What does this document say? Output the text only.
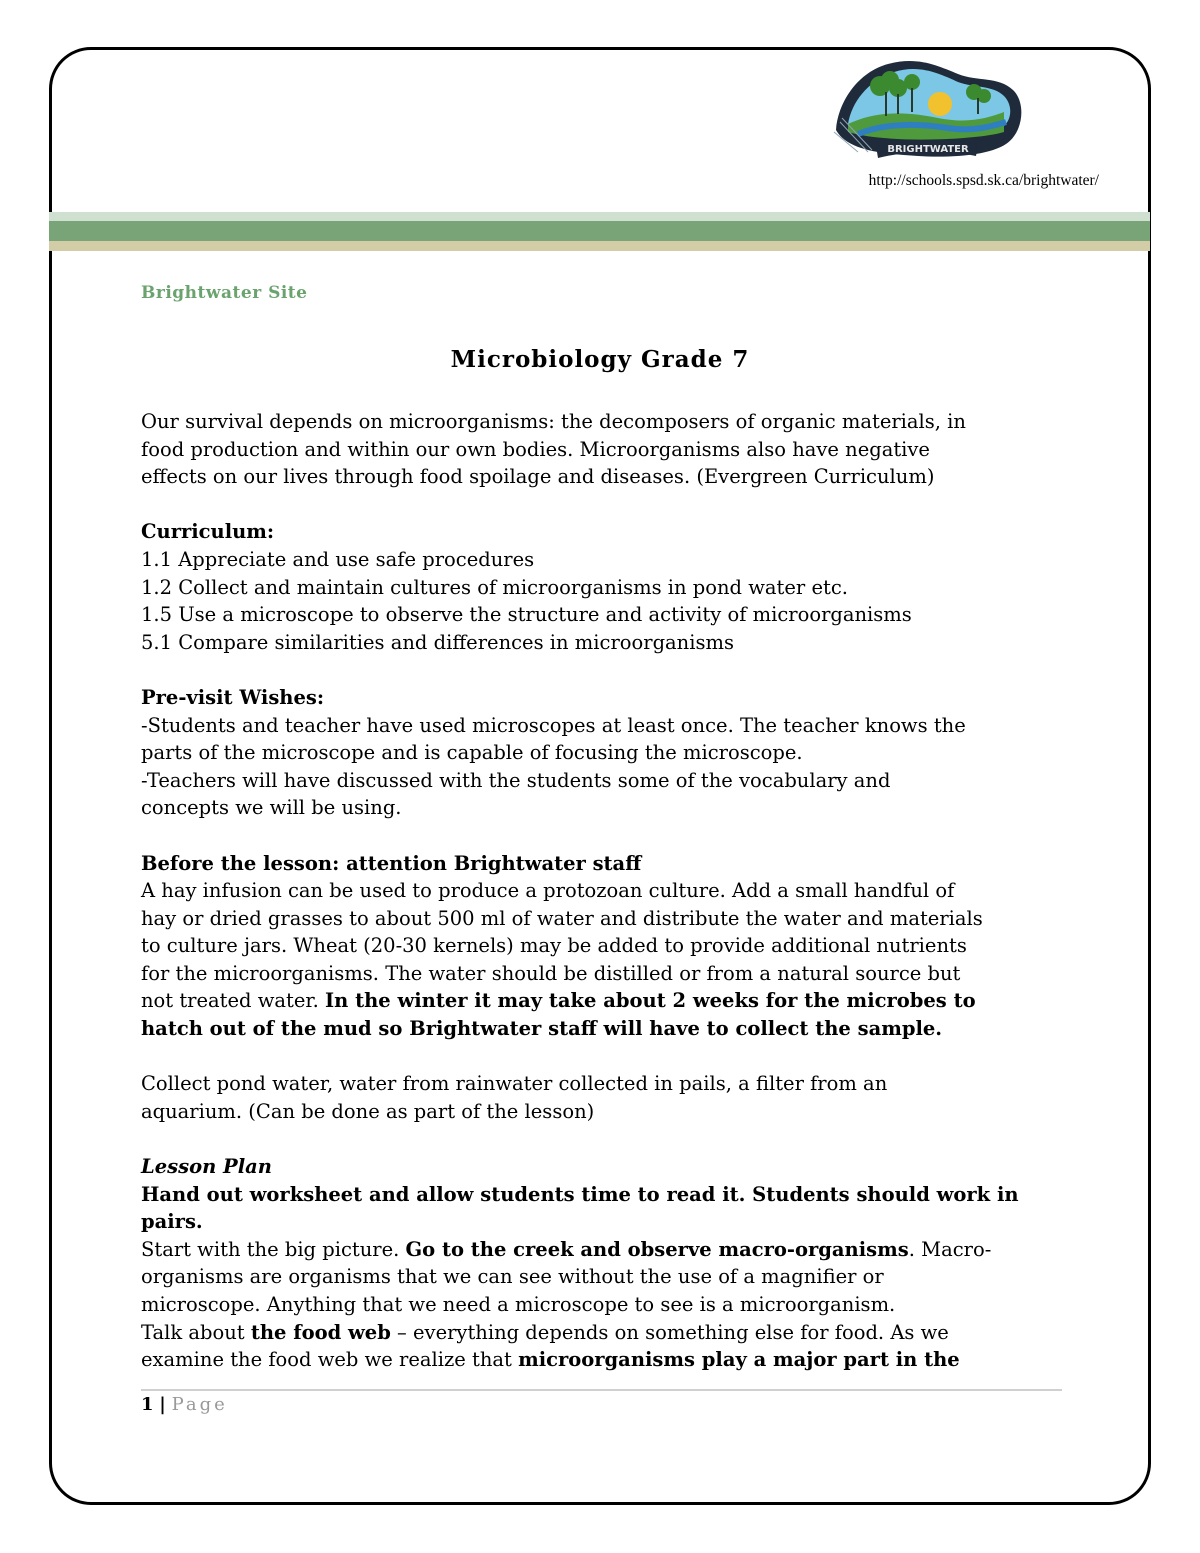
BRIGHTWATER
http://schools.spsd.sk.ca/brightwater/
Brightwater Site
Microbiology Grade 7

Our survival depends on microorganisms: the decomposers of organic materials, in

food production and within our own bodies. Microorganisms also have negative

effects on our lives through food spoilage and diseases. (Evergreen Curriculum)

Curriculum:

1.1 Appreciate and use safe procedures

1.2 Collect and maintain cultures of microorganisms in pond water etc.

1.5 Use a microscope to observe the structure and activity of microorganisms

5.1 Compare similarities and differences in microorganisms

Pre-visit Wishes:

-Students and teacher have used microscopes at least once. The teacher knows the

parts of the microscope and is capable of focusing the microscope.

-Teachers will have discussed with the students some of the vocabulary and

concepts we will be using.

Before the lesson: attention Brightwater staff

A hay infusion can be used to produce a protozoan culture. Add a small handful of

hay or dried grasses to about 500 ml of water and distribute the water and materials

to culture jars. Wheat (20-30 kernels) may be added to provide additional nutrients

for the microorganisms. The water should be distilled or from a natural source but

not treated water. In the winter it may take about 2 weeks for the microbes to

hatch out of the mud so Brightwater staff will have to collect the sample.

Collect pond water, water from rainwater collected in pails, a filter from an

aquarium. (Can be done as part of the lesson)

Lesson Plan

Hand out worksheet and allow students time to read it. Students should work in

pairs.

Start with the big picture. Go to the creek and observe macro-organisms. Macro-

organisms are organisms that we can see without the use of a magnifier or

microscope. Anything that we need a microscope to see is a microorganism.

Talk about the food web – everything depends on something else for food. As we

examine the food web we realize that microorganisms play a major part in the

1 | Page
